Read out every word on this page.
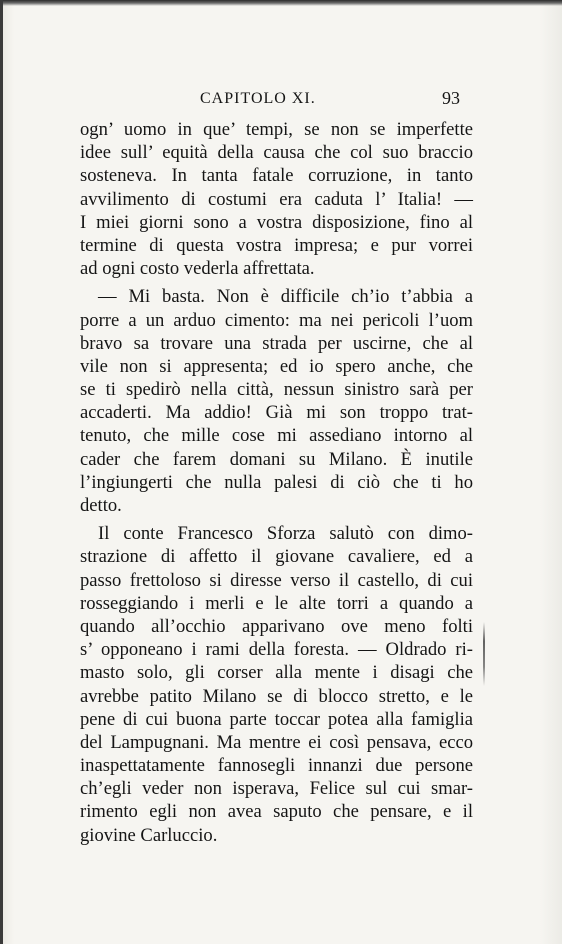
CAPITOLO XI.	93
ogn’ uomo in que’ tempi, se non se imperfette
idee sull’ equità della causa che col suo braccio
sosteneva. In tanta fatale corruzione, in tanto
avvilimento di costumi era caduta l’ Italia! —
I miei giorni sono a vostra disposizione, fino al
termine di questa vostra impresa; e pur vorrei
ad ogni costo vederla affrettata.
— Mi basta. Non è difficile ch’io t’abbia a
porre a un arduo cimento: ma nei pericoli l’uom
bravo sa trovare una strada per uscirne, che al
vile non si appresenta; ed io spero anche, che
se ti spedirò nella città, nessun sinistro sarà per
accaderti. Ma addio! Già mi son troppo trat-
tenuto, che mille cose mi assediano intorno al
cader che farem domani su Milano. È inutile
l’ingiungerti che nulla palesi di ciò che ti ho
detto.
Il conte Francesco Sforza salutò con dimo-
strazione di affetto il giovane cavaliere, ed a
passo frettoloso si diresse verso il castello, di cui
rosseggiando i merli e le alte torri a quando a
quando all’occhio apparivano ove meno folti
s’ opponeano i rami della foresta. — Oldrado ri-
masto solo, gli corser alla mente i disagi che
avrebbe patito Milano se di blocco stretto, e le
pene di cui buona parte toccar potea alla famiglia
del Lampugnani. Ma mentre ei così pensava, ecco
inaspettatamente fannosegli innanzi due persone
ch’egli veder non isperava, Felice sul cui smar-
rimento egli non avea saputo che pensare, e il
giovine Carluccio.
